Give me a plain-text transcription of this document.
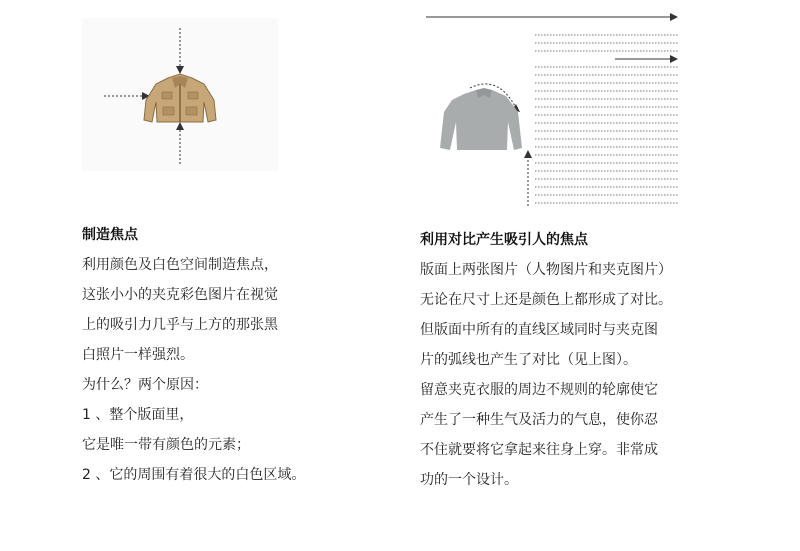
制造焦点
利用颜色及白色空间制造焦点，
这张小小的夹克彩色图片在视觉
上的吸引力几乎与上方的那张黑
白照片一样强烈。
为什么？两个原因：
1 、整个版面里，
它是唯一带有颜色的元素；
2 、它的周围有着很大的白色区域。
利用对比产生吸引人的焦点
版面上两张图片（人物图片和夹克图片）
无论在尺寸上还是颜色上都形成了对比。
但版面中所有的直线区域同时与夹克图
片的弧线也产生了对比（见上图）。
留意夹克衣服的周边不规则的轮廓使它
产生了一种生气及活力的气息，使你忍
不住就要将它拿起来往身上穿。非常成
功的一个设计。
